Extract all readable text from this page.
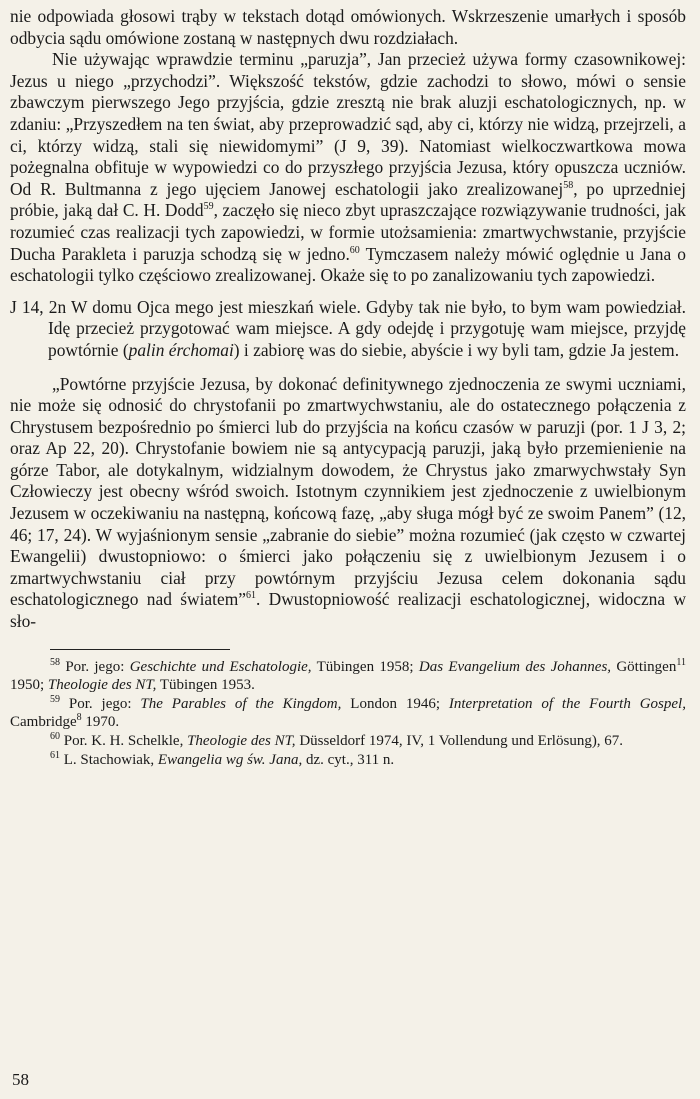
nie odpowiada głosowi trąby w tekstach dotąd omówionych. Wskrzeszenie umarłych i sposób odbycia sądu omówione zostaną w następnych dwu rozdziałach.

Nie używając wprawdzie terminu „paruzja”, Jan przecież używa formy czasownikowej: Jezus u niego „przychodzi”. Większość tekstów, gdzie zachodzi to słowo, mówi o sensie zbawczym pierwszego Jego przyjścia, gdzie zresztą nie brak aluzji eschatologicznych, np. w zdaniu: „Przyszedłem na ten świat, aby przeprowadzić sąd, aby ci, którzy nie widzą, przejrzeli, a ci, którzy widzą, stali się niewidomymi” (J 9, 39). Natomiast wielkoczwartkowa mowa pożegnalna obfituje w wypowiedzi co do przyszłego przyjścia Jezusa, który opuszcza uczniów. Od R. Bultmanna z jego ujęciem Janowej eschatologii jako zrealizowanej$^{58}$, po uprzedniej próbie, jaką dał C. H. Dodd$^{59}$, zaczęło się nieco zbyt upraszczające rozwiązywanie trudności, jak rozumieć czas realizacji tych zapowiedzi, w formie utożsamienia: zmartwychwstanie, przyjście Ducha Parakleta i paruzja schodzą się w jedno.$^{60}$ Tymczasem należy mówić oględnie u Jana o eschatologii tylko częściowo zrealizowanej. Okaże się to po zanalizowaniu tych zapowiedzi.

J 14, 2n W domu Ojca mego jest mieszkań wiele. Gdyby tak nie było, to bym wam powiedział. Idę przecież przygotować wam miejsce. A gdy odejdę i przygotuję wam miejsce, przyjdę powtórnie (palin érchomai) i zabiorę was do siebie, abyście i wy byli tam, gdzie Ja jestem.

„Powtórne przyjście Jezusa, by dokonać definitywnego zjednoczenia ze swymi uczniami, nie może się odnosić do chrystofanii po zmartwychwstaniu, ale do ostatecznego połączenia z Chrystusem bezpośrednio po śmierci lub do przyjścia na końcu czasów w paruzji (por. 1 J 3, 2; oraz Ap 22, 20). Chrystofanie bowiem nie są antycypacją paruzji, jaką było przemienienie na górze Tabor, ale dotykalnym, widzialnym dowodem, że Chrystus jako zmarwychwstały Syn Człowieczy jest obecny wśród swoich. Istotnym czynnikiem jest zjednoczenie z uwielbionym Jezusem w oczekiwaniu na następną, końcową fazę, „aby sługa mógł być ze swoim Panem” (12, 46; 17, 24). W wyjaśnionym sensie „zabranie do siebie” można rozumieć (jak często w czwartej Ewangelii) dwustopniowo: o śmierci jako połączeniu się z uwielbionym Jezusem i o zmartwychwstaniu ciał przy powtórnym przyjściu Jezusa celem dokonania sądu eschatologicznego nad światem”$^{61}$. Dwustopniowość realizacji eschatologicznej, widoczna w sło-

$^{58}$ Por. jego: Geschichte und Eschatologie, Tübingen 1958; Das Evangelium des Johannes, Göttingen$^{11}$ 1950; Theologie des NT, Tübingen 1953.

$^{59}$ Por. jego: The Parables of the Kingdom, London 1946; Interpretation of the Fourth Gospel, Cambridge$^8$ 1970.

$^{60}$ Por. K. H. Schelkle, Theologie des NT, Düsseldorf 1974, IV, 1 Vollendung und Erlösung), 67.

$^{61}$ L. Stachowiak, Ewangelia wg św. Jana, dz. cyt., 311 n.

58
